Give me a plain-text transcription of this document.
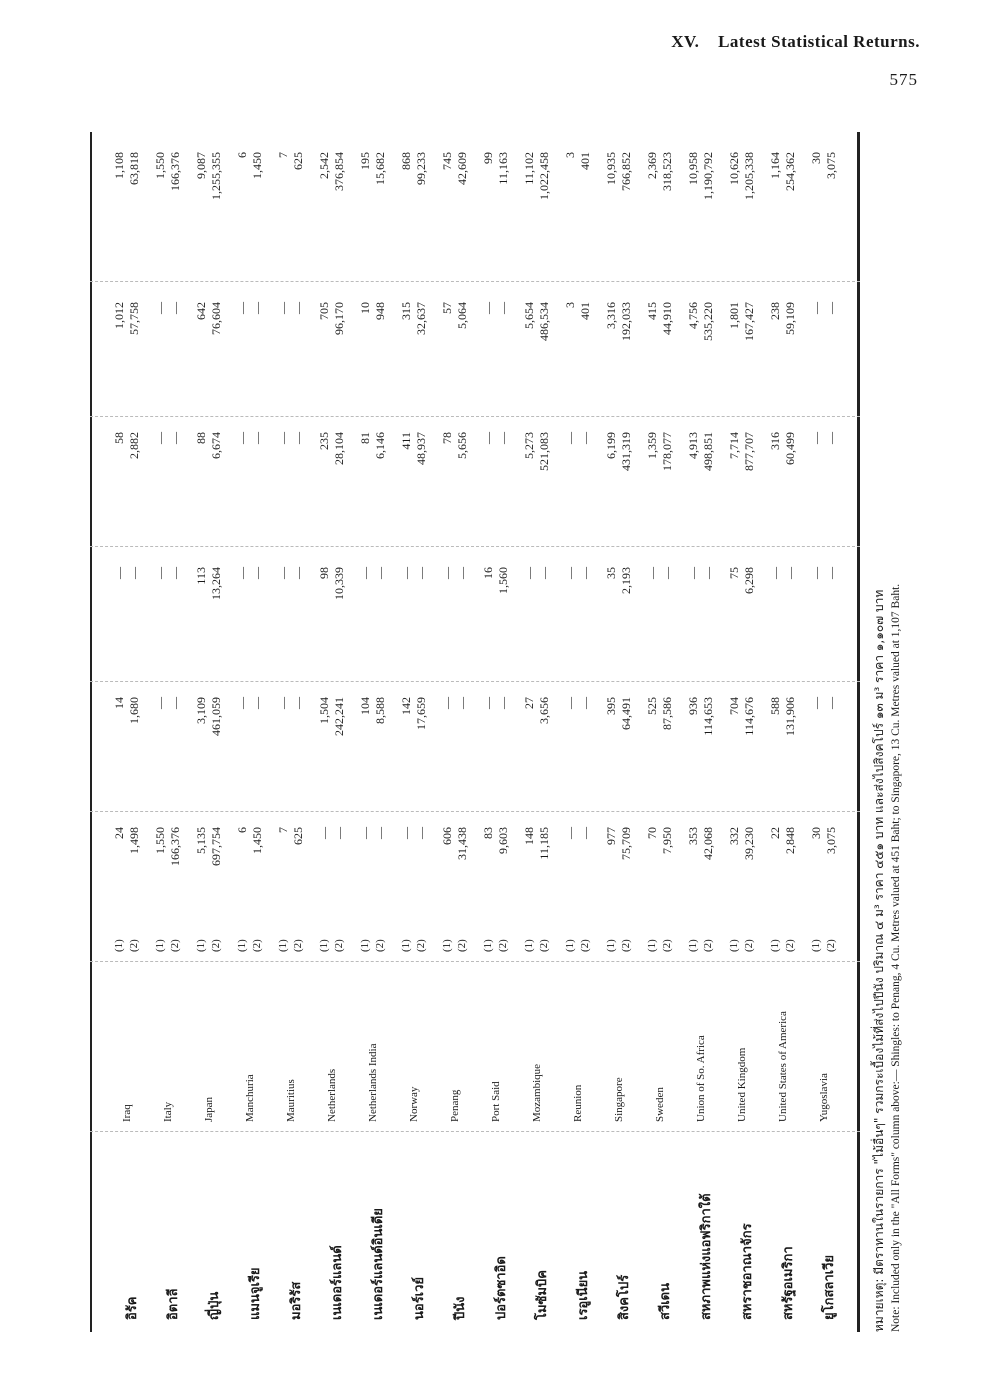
XV. Latest Statistical Returns.
575
อิรัค
Iraq
(1) (2)
24 1,498
14 1,680
— —
58 2,882
1,012 57,758
1,108 63,818
อิตาลี
Italy
(1) (2)
1,550 166,376
— —
— —
— —
— —
1,550 166,376
ญี่ปุ่น
Japan
(1) (2)
5,135 697,754
3,109 461,059
113 13,264
88 6,674
642 76,604
9,087 1,255,355
แมนจูเรีย
Manchuria
(1) (2)
6 1,450
— —
— —
— —
— —
6 1,450
มอริรัส
Mauritius
(1) (2)
7 625
— —
— —
— —
— —
7 625
เนเดอร์แลนด์
Netherlands
(1) (2)
— —
1,504 242,241
98 10,339
235 28,104
705 96,170
2,542 376,854
เนเดอร์แลนด์อินเดีย
Netherlands India
(1) (2)
— —
104 8,588
— —
81 6,146
10 948
195 15,682
นอร์เวย์
Norway
(1) (2)
— —
142 17,659
— —
411 48,937
315 32,637
868 99,233
ปีนัง
Penang
(1) (2)
606 31,438
— —
— —
78 5,656
57 5,064
745 42,609
ปอร์ตซาอิด
Port Said
(1) (2)
83 9,603
— —
16 1,560
— —
— —
99 11,163
โมซัมบิค
Mozambique
(1) (2)
148 11,185
27 3,656
— —
5,273 521,083
5,654 486,534
11,102 1,022,458
เรอูเนียน
Reunion
(1) (2)
— —
— —
— —
— —
3 401
3 401
สิงคโปร์
Singapore
(1) (2)
977 75,709
395 64,491
35 2,193
6,199 431,319
3,316 192,033
10,935 766,852
สวีเดน
Sweden
(1) (2)
70 7,950
525 87,586
— —
1,359 178,077
415 44,910
2,369 318,523
สหภาพแห่งแอฟริกาใต้
Union of So. Africa
(1) (2)
353 42,068
936 114,653
— —
4,913 498,851
4,756 535,220
10,958 1,190,792
สหราชอาณาจักร
United Kingdom
(1) (2)
332 39,230
704 114,676
75 6,298
7,714 877,707
1,801 167,427
10,626 1,205,338
สหรัฐอเมริกา
United States of America
(1) (2)
22 2,848
588 131,906
— —
316 60,499
238 59,109
1,164 254,362
ยูโกสลาเวีย
Yugoslavia
(1) (2)
30 3,075
— —
— —
— —
— —
30 3,075
หมายเหตุ: มีตราทานในรายการ "ไม้อื่นๆ" รวมกระเบื้องไม้ที่ส่งไปปีนัง ปริมาณ ๔ ม³ ราคา ๔๕๑ บาท และส่งไปสิงคโปร์ ๑๓ ม³ ราคา ๑,๑๐๗ บาท Note: Included only in the "All Forms" column above:— Shingles: to Penang, 4 Cu. Metres valued at 451 Baht; to Singapore, 13 Cu. Metres valued at 1,107 Baht.
